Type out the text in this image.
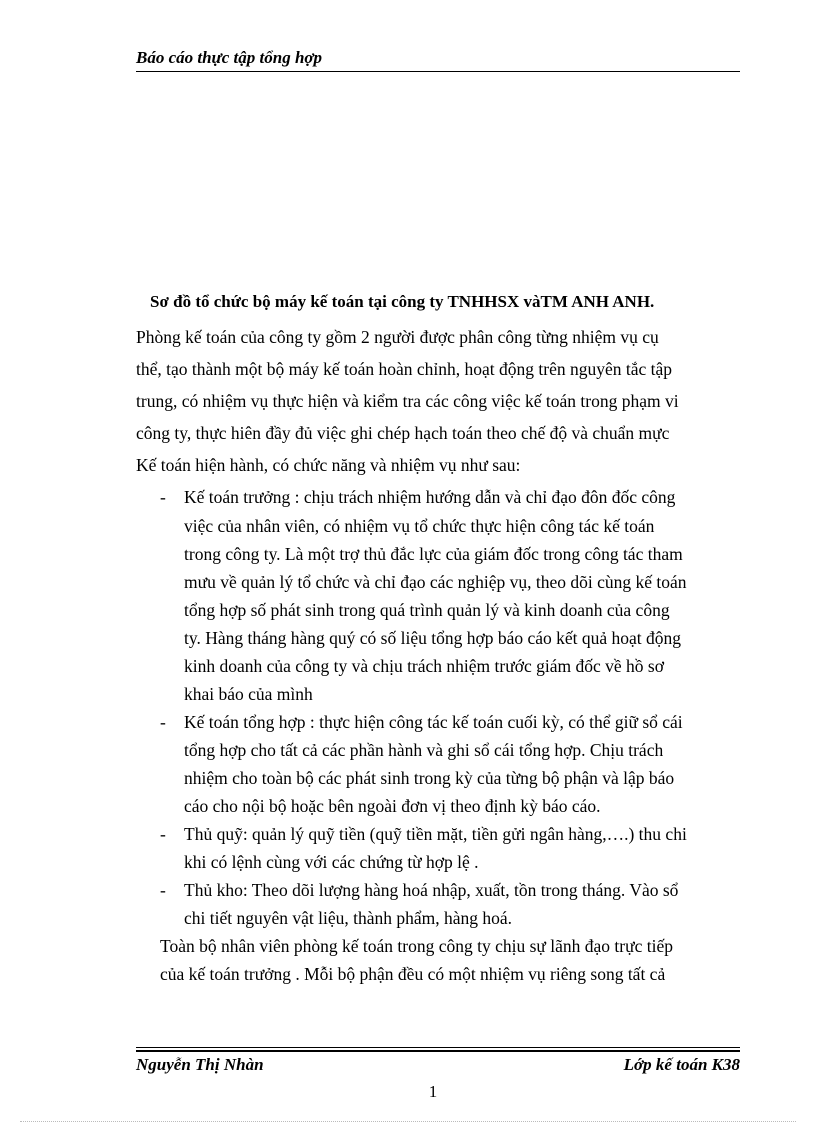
Báo cáo thực tập tổng hợp
Sơ đồ tổ chức bộ máy kế toán tại công ty TNHHSX vàTM ANH ANH.
Phòng kế toán của công ty gồm 2 người được phân công từng nhiệm vụ cụ
thể, tạo thành một bộ máy kế toán hoàn chỉnh, hoạt động trên nguyên tắc tập
trung, có nhiệm vụ thực hiện và kiểm tra các công việc kế toán trong phạm vi
công ty, thực hiên đầy đủ việc ghi chép hạch toán theo chế độ và chuẩn mực
Kế toán hiện hành, có chức năng và nhiệm vụ như sau:
- Kế toán trưởng : chịu trách nhiệm hướng dẫn và chỉ đạo đôn đốc công
việc của nhân viên, có nhiệm vụ tổ chức thực hiện công tác kế toán
trong công ty. Là một trợ thủ đắc lực của giám đốc trong công tác tham
mưu về quản lý tổ chức và chỉ đạo các nghiệp vụ, theo dõi cùng kế toán
tổng hợp số phát sinh trong quá trình quản lý và kinh doanh của công
ty. Hàng tháng hàng quý có số liệu tổng hợp báo cáo kết quả hoạt động
kinh doanh của công ty và chịu trách nhiệm trước giám đốc về hồ sơ
khai báo của mình
- Kế toán tổng hợp : thực hiện công tác kế toán cuối kỳ, có thể giữ sổ cái
tổng hợp cho tất cả các phần hành và ghi sổ cái tổng hợp. Chịu trách
nhiệm cho toàn bộ các phát sinh trong kỳ của từng bộ phận và lập báo
cáo cho nội bộ hoặc bên ngoài đơn vị theo định kỳ báo cáo.
- Thủ quỹ: quản lý quỹ tiền (quỹ tiền mặt, tiền gửi ngân hàng,….) thu chi
khi có lệnh cùng với các chứng từ hợp lệ .
- Thủ kho: Theo dõi lượng hàng hoá nhập, xuất, tồn trong tháng. Vào sổ
chi tiết nguyên vật liệu, thành phẩm, hàng hoá.
Toàn bộ nhân viên phòng kế toán trong công ty chịu sự lãnh đạo trực tiếp
của kế toán trưởng . Mỗi bộ phận đều có một nhiệm vụ riêng song tất cả
Nguyễn Thị Nhàn	Lớp kế toán K38
1
